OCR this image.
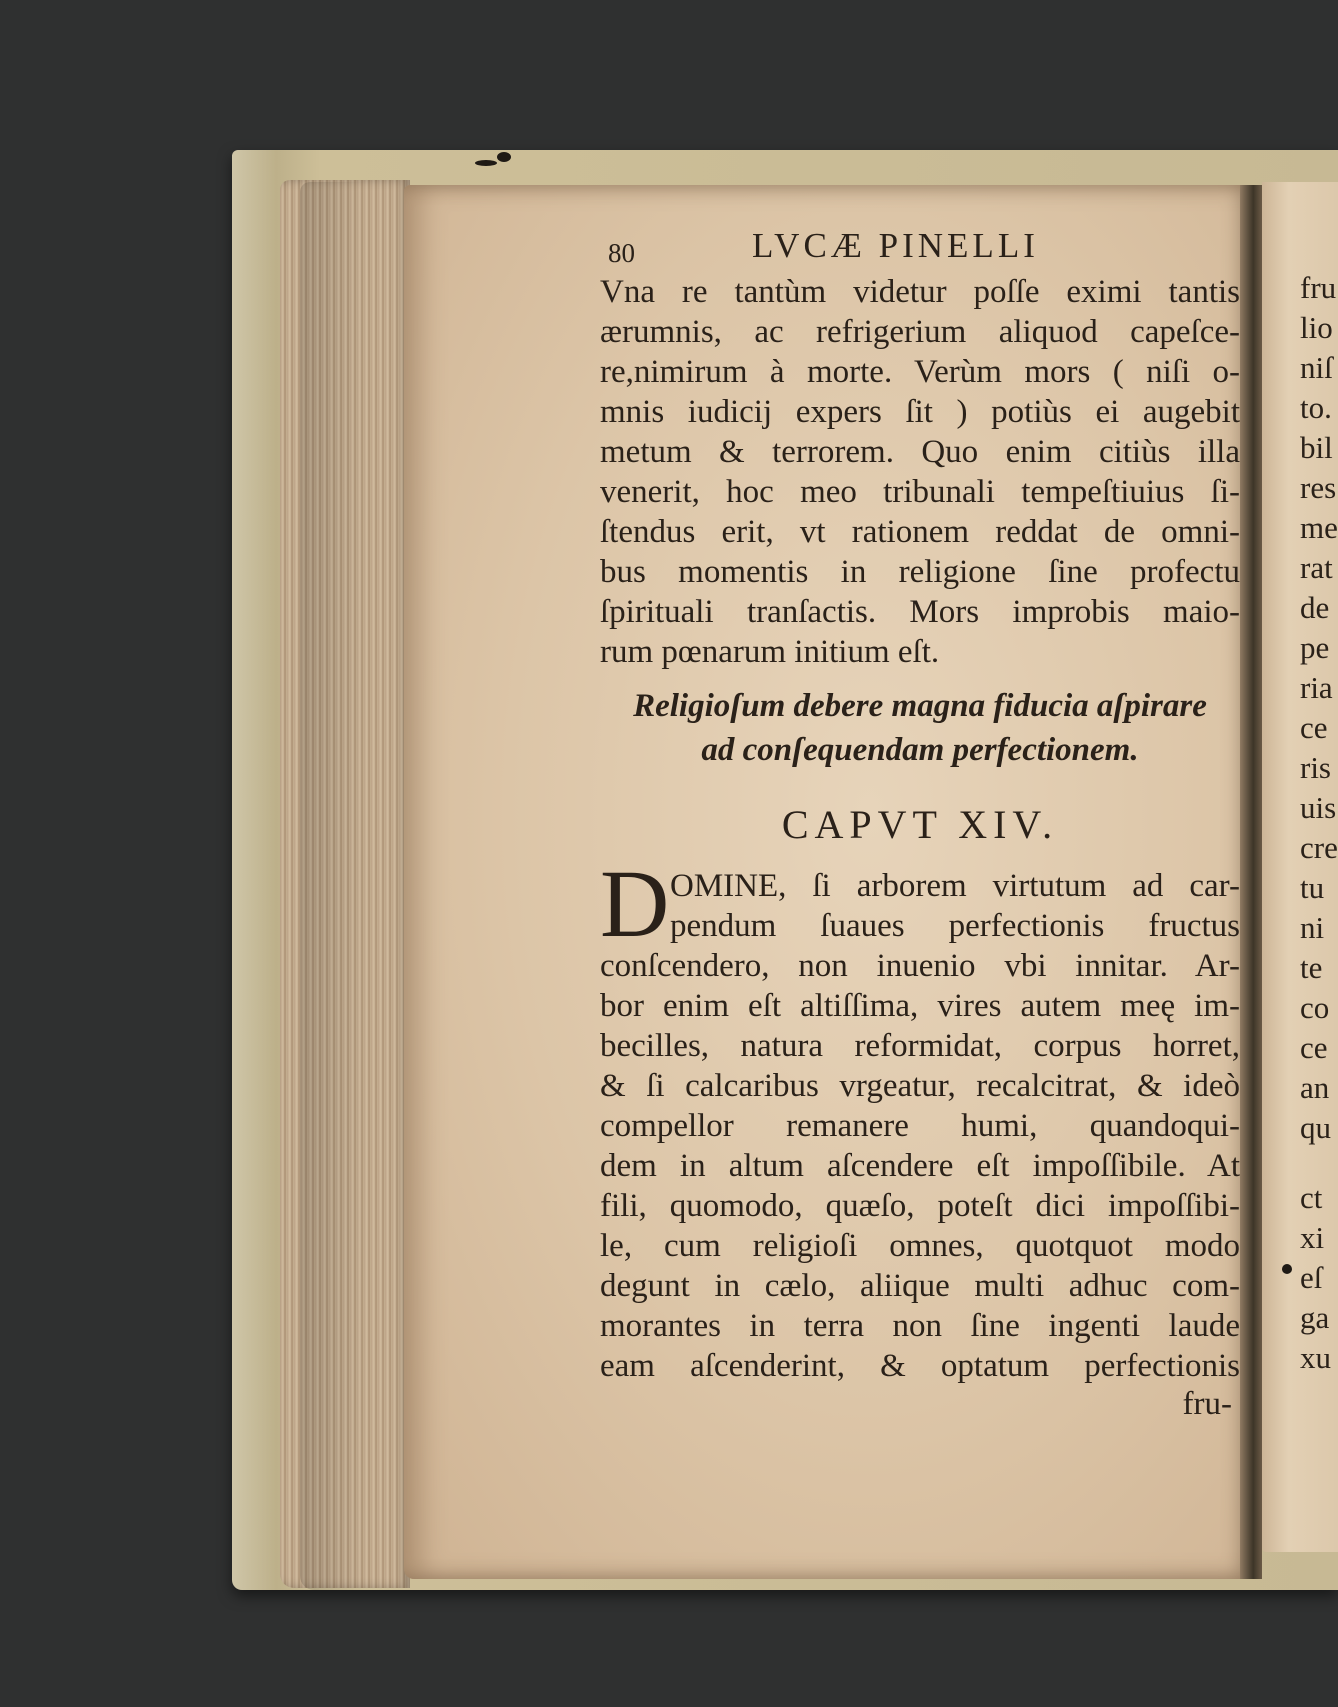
80	LVCÆ PINELLI
Vna re tantùm videtur poſſe eximi tantis
ærumnis, ac refrigerium aliquod capeſce-
re,nimirum à morte. Verùm mors ( niſi o-
mnis iudicij expers ſit ) potiùs ei augebit
metum & terrorem. Quo enim citiùs illa
venerit, hoc meo tribunali tempeſtiuius ſi-
ſtendus erit, vt rationem reddat de omni-
bus momentis in religione ſine profectu
ſpirituali tranſactis. Mors improbis maio-
rum pœnarum initium eſt.
Religioſum debere magna fiducia aſpirare
ad conſequendam perfectionem.
CAPVT XIV.
D OMINE, ſi arborem virtutum ad car-
pendum ſuaues perfectionis fructus
conſcendero, non inuenio vbi innitar. Ar-
bor enim eſt altiſſima, vires autem meę im-
becilles, natura reformidat, corpus horret,
& ſi calcaribus vrgeatur, recalcitrat, & ideò
compellor remanere humi, quandoqui-
dem in altum aſcendere eſt impoſſibile. At
fili, quomodo, quæſo, poteſt dici impoſſibi-
le, cum religioſi omnes, quotquot modo
degunt in cælo, aliique multi adhuc com-
morantes in terra non ſine ingenti laude
eam aſcenderint, & optatum perfectionis
fru-
fru
lio
niſ
to.
bil
res
me
rat
de
pe
ria
ce
ris
uis
cre
tu
ni
te
co
ce
an
qu
ct
xi
eſ
ga
xu
